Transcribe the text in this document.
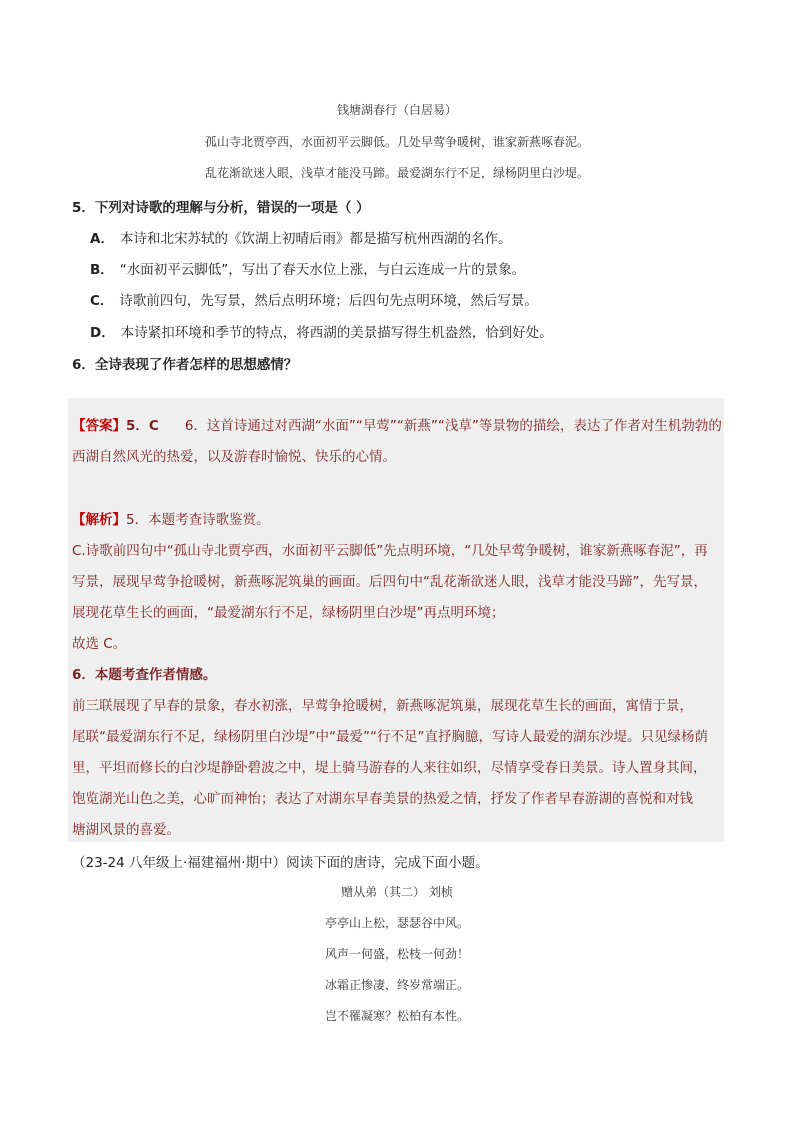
钱塘湖春行（白居易）
孤山寺北贾亭西，水面初平云脚低。几处早莺争暖树，谁家新燕啄春泥。
乱花渐欲迷人眼，浅草才能没马蹄。最爱湖东行不足，绿杨阴里白沙堤。
5．下列对诗歌的理解与分析，错误的一项是（ ）
A． 本诗和北宋苏轼的《饮湖上初晴后雨》都是描写杭州西湖的名作。
B． “水面初平云脚低”，写出了春天水位上涨，与白云连成一片的景象。
C． 诗歌前四句，先写景，然后点明环境；后四句先点明环境，然后写景。
D． 本诗紧扣环境和季节的特点，将西湖的美景描写得生机盎然，恰到好处。
6．全诗表现了作者怎样的思想感情？
【答案】5．C 6．这首诗通过对西湖“水面”“早莺”“新燕”“浅草”等景物的描绘，表达了作者对生机勃勃的
西湖自然风光的热爱，以及游春时愉悦、快乐的心情。
【解析】5．本题考查诗歌鉴赏。
C.诗歌前四句中“孤山寺北贾亭西，水面初平云脚低”先点明环境，“几处早莺争暖树，谁家新燕啄春泥”，再
写景，展现早莺争抢暖树，新燕啄泥筑巢的画面。后四句中“乱花渐欲迷人眼，浅草才能没马蹄”，先写景，
展现花草生长的画面，“最爱湖东行不足，绿杨阴里白沙堤”再点明环境；
故选 C。
6．本题考查作者情感。
前三联展现了早春的景象，春水初涨，早莺争抢暖树，新燕啄泥筑巢，展现花草生长的画面，寓情于景，
尾联“最爱湖东行不足，绿杨阴里白沙堤”中“最爱”“行不足”直抒胸臆，写诗人最爱的湖东沙堤。只见绿杨荫
里，平坦而修长的白沙堤静卧碧波之中，堤上骑马游春的人来往如织，尽情享受春日美景。诗人置身其间，
饱览湖光山色之美，心旷而神怡；表达了对湖东早春美景的热爱之情，抒发了作者早春游湖的喜悦和对钱
塘湖风景的喜爱。
（23-24 八年级上·福建福州·期中）阅读下面的唐诗，完成下面小题。
赠从弟（其二） 刘桢
亭亭山上松，瑟瑟谷中风。
风声一何盛，松枝一何劲！
冰霜正惨凄，终岁常端正。
岂不罹凝寒？松柏有本性。
